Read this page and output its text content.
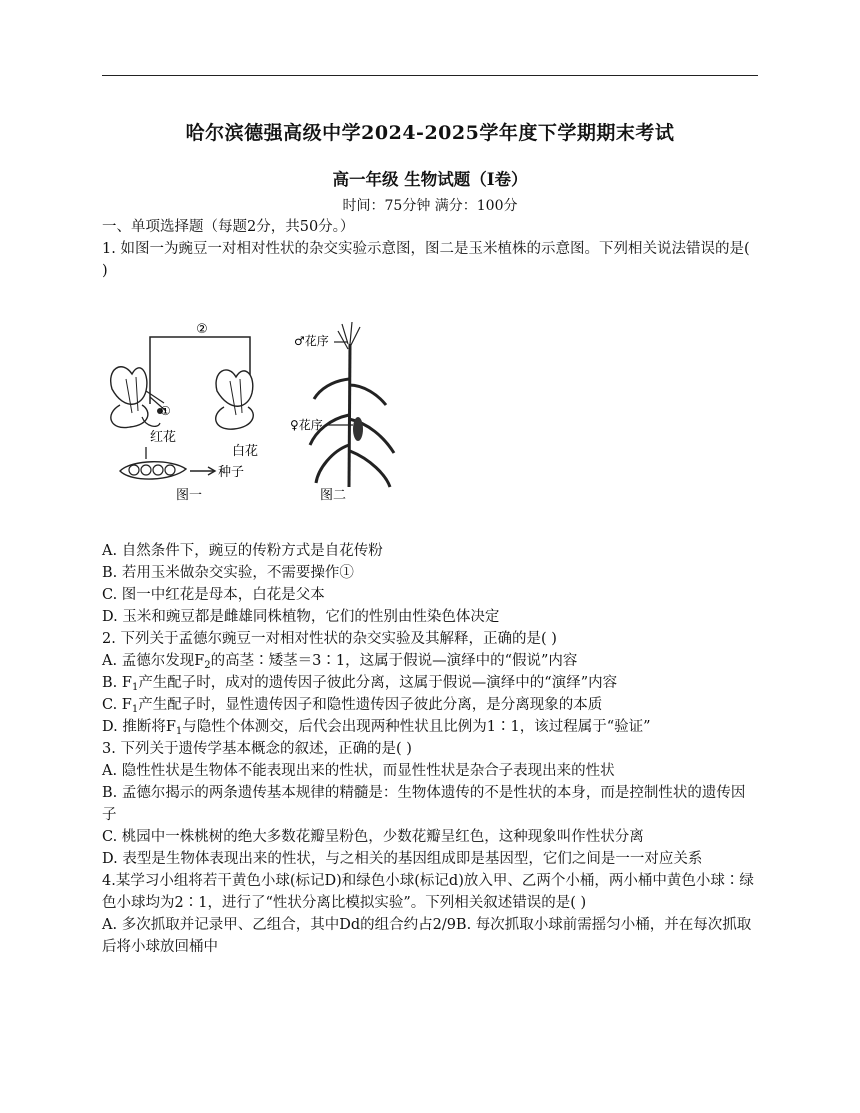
哈尔滨德强高级中学2024-2025学年度下学期期末考试
高一年级 生物试题（I卷）
时间：75分钟 满分：100分

一、单项选择题（每题2分，共50分。）

1. 如图一为豌豆一对相对性状的杂交实验示意图，图二是玉米植株的示意图。下列相关说法错误的是( )

②
①
红花
白花
种子
图一
♂花序
♀花序
图二

A. 自然条件下，豌豆的传粉方式是自花传粉

B. 若用玉米做杂交实验，不需要操作①

C. 图一中红花是母本，白花是父本

D. 玉米和豌豆都是雌雄同株植物，它们的性别由性染色体决定

2. 下列关于孟德尔豌豆一对相对性状的杂交实验及其解释，正确的是( )

A. 孟德尔发现$F_2$的高茎∶矮茎＝3∶1，这属于假说—演绎中的“假说”内容

B. $F_1$产生配子时，成对的遗传因子彼此分离，这属于假说—演绎中的“演绎”内容

C. $F_1$产生配子时，显性遗传因子和隐性遗传因子彼此分离，是分离现象的本质

D. 推断将$F_1$与隐性个体测交，后代会出现两种性状且比例为1∶1，该过程属于“验证”

3. 下列关于遗传学基本概念的叙述，正确的是( )

A. 隐性性状是生物体不能表现出来的性状，而显性性状是杂合子表现出来的性状

B. 孟德尔揭示的两条遗传基本规律的精髓是：生物体遗传的不是性状的本身，而是控制性状的遗传因子

C. 桃园中一株桃树的绝大多数花瓣呈粉色，少数花瓣呈红色，这种现象叫作性状分离

D. 表型是生物体表现出来的性状，与之相关的基因组成即是基因型，它们之间是一一对应关系

4.某学习小组将若干黄色小球(标记D)和绿色小球(标记d)放入甲、乙两个小桶，两小桶中黄色小球∶绿色小球均为2∶1，进行了“性状分离比模拟实验”。下列相关叙述错误的是( )

A. 多次抓取并记录甲、乙组合，其中Dd的组合约占2/9B. 每次抓取小球前需摇匀小桶，并在每次抓取后将小球放回桶中
